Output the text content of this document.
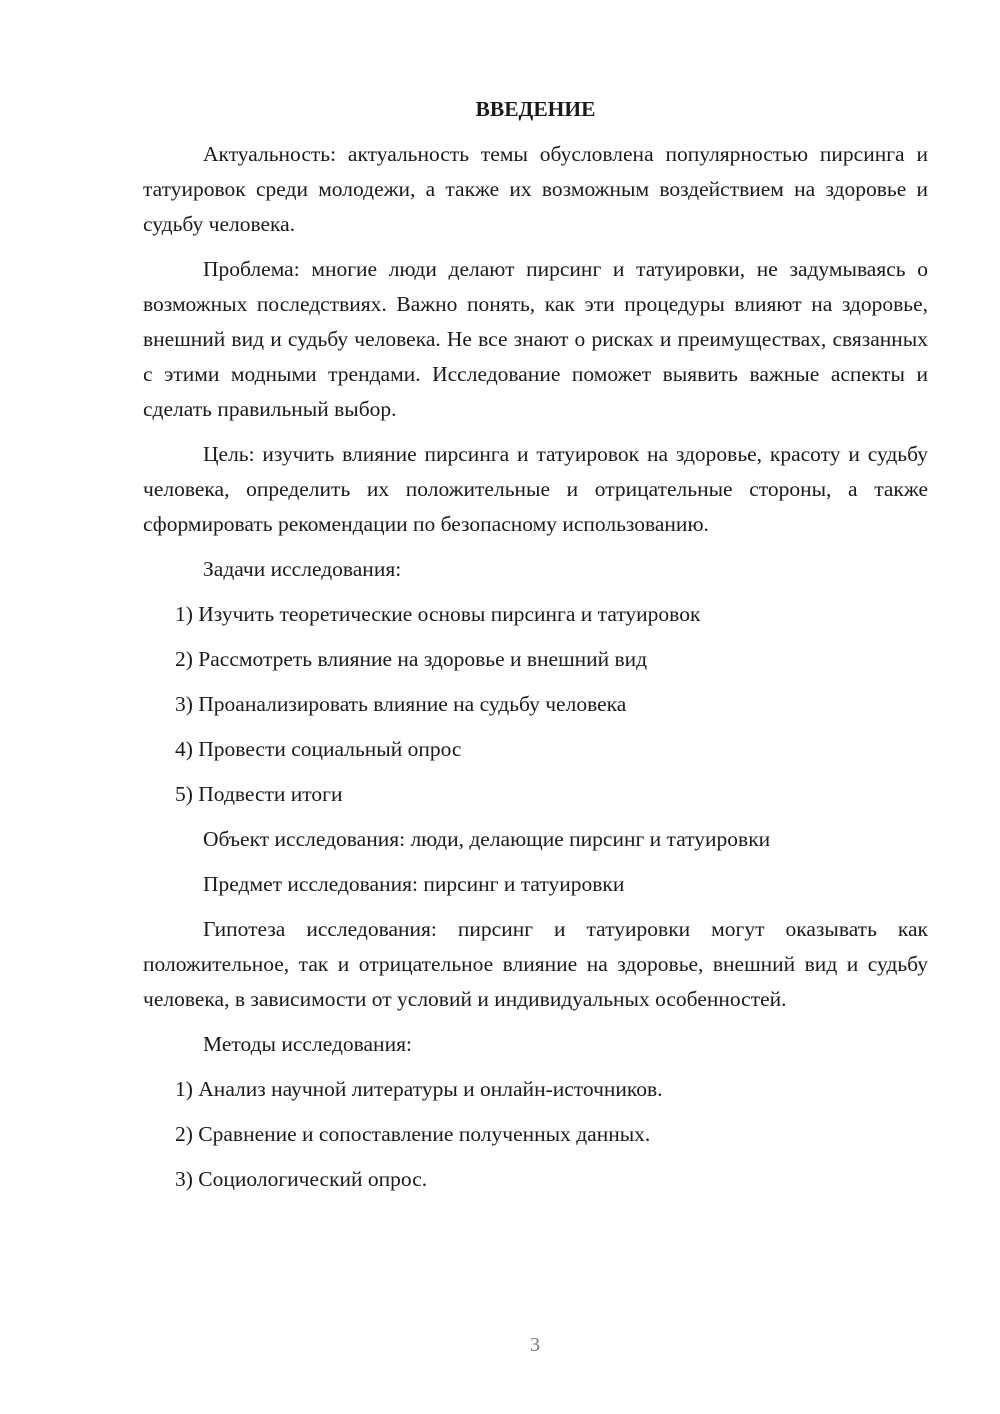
ВВЕДЕНИЕ

Актуальность: актуальность темы обусловлена популярностью пирсинга и татуировок среди молодежи, а также их возможным воздействием на здоровье и судьбу человека.

Проблема: многие люди делают пирсинг и татуировки, не задумываясь о возможных последствиях. Важно понять, как эти процедуры влияют на здоровье, внешний вид и судьбу человека. Не все знают о рисках и преимуществах, связанных с этими модными трендами. Исследование поможет выявить важные аспекты и сделать правильный выбор.

Цель: изучить влияние пирсинга и татуировок на здоровье, красоту и судьбу человека, определить их положительные и отрицательные стороны, а также сформировать рекомендации по безопасному использованию.

Задачи исследования:

1) Изучить теоретические основы пирсинга и татуировок

2) Рассмотреть влияние на здоровье и внешний вид

3) Проанализировать влияние на судьбу человека

4) Провести социальный опрос

5) Подвести итоги

Объект исследования: люди, делающие пирсинг и татуировки

Предмет исследования: пирсинг и татуировки

Гипотеза исследования: пирсинг и татуировки могут оказывать как положительное, так и отрицательное влияние на здоровье, внешний вид и судьбу человека, в зависимости от условий и индивидуальных особенностей.

Методы исследования:

1) Анализ научной литературы и онлайн-источников.

2) Сравнение и сопоставление полученных данных.

3) Социологический опрос.

3
